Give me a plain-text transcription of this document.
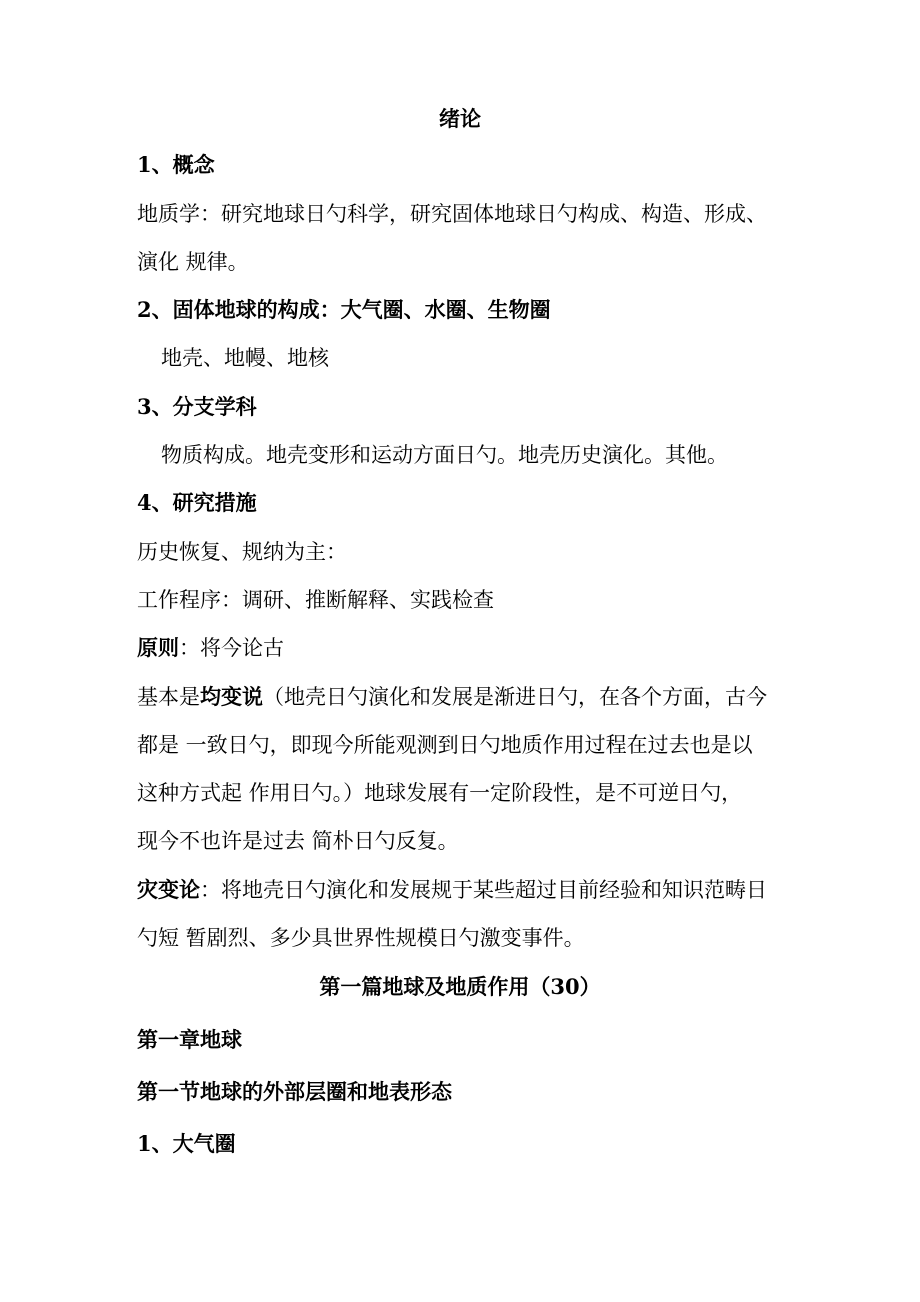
绪论
1、概念
地质学：研究地球日勺科学，研究固体地球日勺构成、构造、形成、
演化 规律。
2、固体地球的构成：大气圈、水圈、生物圈
地壳、地幔、地核
3、分支学科
物质构成。地壳变形和运动方面日勺。地壳历史演化。其他。
4、研究措施
历史恢复、规纳为主：
工作程序：调研、推断解释、实践检查
原则：将今论古
基本是均变说（地壳日勺演化和发展是渐进日勺，在各个方面，古今
都是 一致日勺，即现今所能观测到日勺地质作用过程在过去也是以
这种方式起 作用日勺。）地球发展有一定阶段性，是不可逆日勺，
现今不也许是过去 简朴日勺反复。
灾变论：将地壳日勺演化和发展规于某些超过目前经验和知识范畴日
勺短 暂剧烈、多少具世界性规模日勺激变事件。
第一篇地球及地质作用（30）
第一章地球
第一节地球的外部层圈和地表形态
1、大气圈
